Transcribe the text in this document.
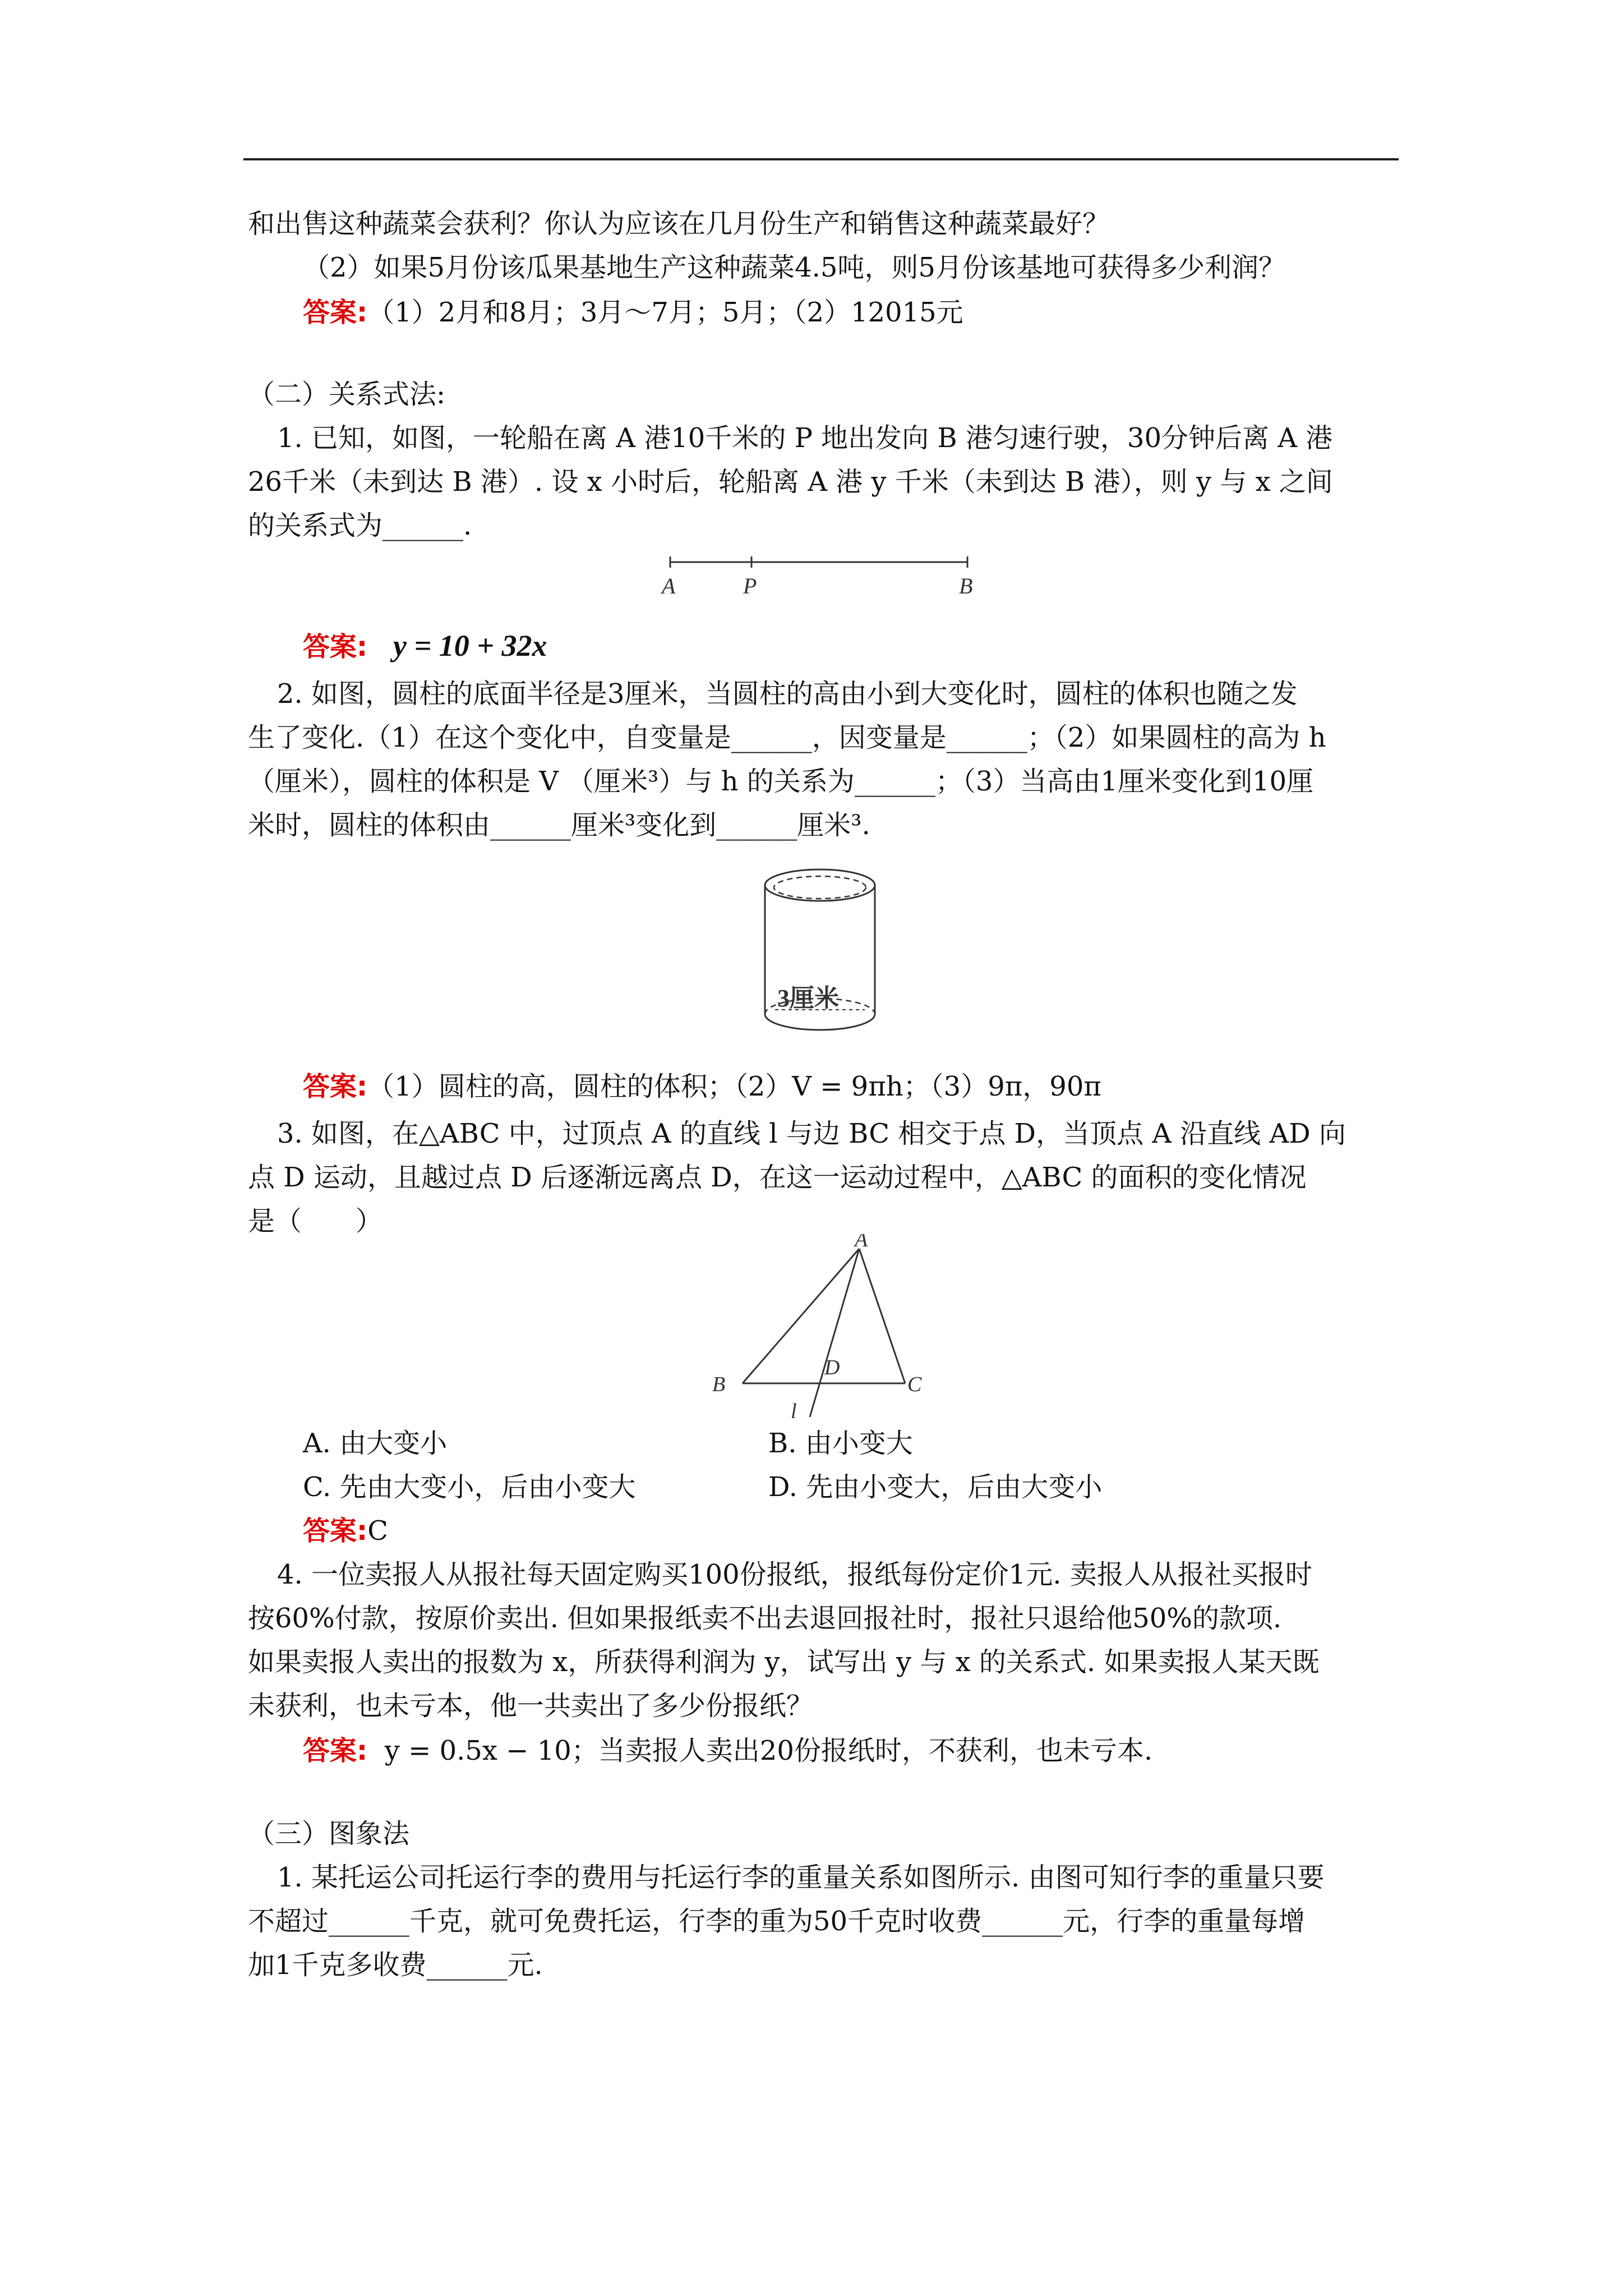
和出售这种蔬菜会获利？你认为应该在几月份生产和销售这种蔬菜最好？
（2）如果5月份该瓜果基地生产这种蔬菜4.5吨，则5月份该基地可获得多少利润？
答案:（1）2月和8月；3月～7月；5月；（2）12015元
（二）关系式法:
1. 已知，如图，一轮船在离 A 港10千米的 P 地出发向 B 港匀速行驶，30分钟后离 A 港
26千米（未到达 B 港）. 设 x 小时后，轮船离 A 港 y 千米（未到达 B 港），则 y 与 x 之间
的关系式为______.
A	P	B
答案: y = 10 + 32x
2. 如图，圆柱的底面半径是3厘米，当圆柱的高由小到大变化时，圆柱的体积也随之发
生了变化.（1）在这个变化中，自变量是______，因变量是______；（2）如果圆柱的高为 h
（厘米），圆柱的体积是 V （厘米³）与 h 的关系为______；（3）当高由1厘米变化到10厘
米时，圆柱的体积由______厘米³变化到______厘米³.
3厘米
答案:（1）圆柱的高，圆柱的体积；（2）V = 9πh；（3）9π，90π
3. 如图，在△ABC 中，过顶点 A 的直线 l 与边 BC 相交于点 D，当顶点 A 沿直线 AD 向
点 D 运动，且越过点 D 后逐渐远离点 D，在这一运动过程中，△ABC 的面积的变化情况
是（　　）
A
B	C
D
l
A. 由大变小	B. 由小变大
C. 先由大变小，后由小变大	D. 先由小变大，后由大变小
答案:C
4. 一位卖报人从报社每天固定购买100份报纸，报纸每份定价1元. 卖报人从报社买报时
按60%付款，按原价卖出. 但如果报纸卖不出去退回报社时，报社只退给他50%的款项.
如果卖报人卖出的报数为 x，所获得利润为 y，试写出 y 与 x 的关系式. 如果卖报人某天既
未获利，也未亏本，他一共卖出了多少份报纸？
答案: y = 0.5x − 10；当卖报人卖出20份报纸时，不获利，也未亏本.
（三）图象法
1. 某托运公司托运行李的费用与托运行李的重量关系如图所示. 由图可知行李的重量只要
不超过______千克，就可免费托运，行李的重为50千克时收费______元，行李的重量每增
加1千克多收费______元.
